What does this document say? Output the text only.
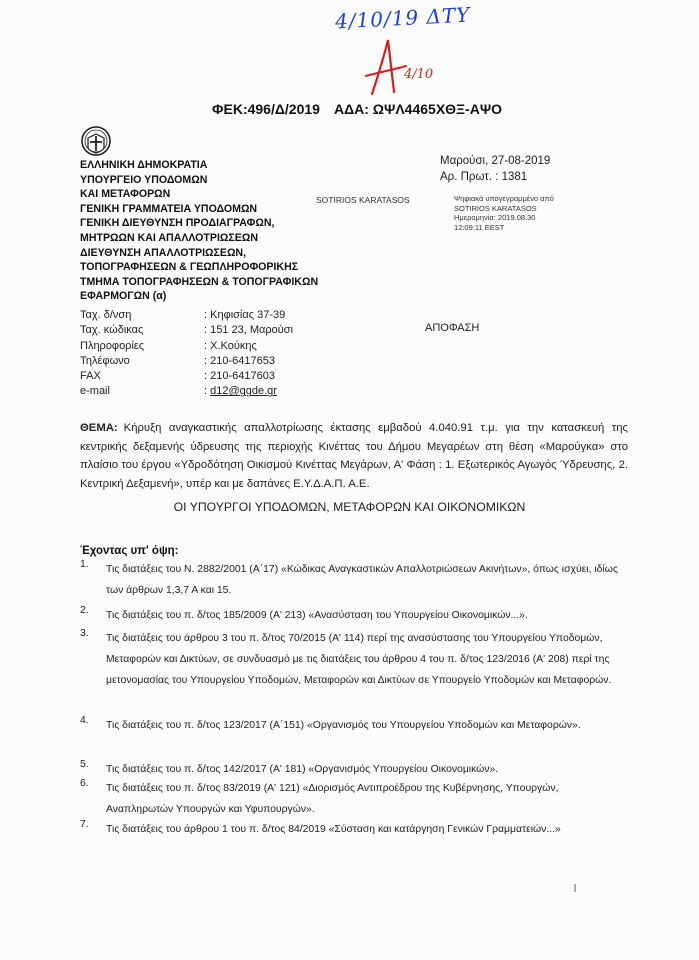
4/10/19 ΔΤΥ
4/10
ΦΕΚ:496/Δ/2019 ΑΔΑ: ΩΨΛ4465ΧΘΞ-ΑΨΟ
ΕΛΛΗΝΙΚΗ ΔΗΜΟΚΡΑΤΙΑ
ΥΠΟΥΡΓΕΙΟ ΥΠΟΔΟΜΩΝ
ΚΑΙ ΜΕΤΑΦΟΡΩΝ
ΓΕΝΙΚΗ ΓΡΑΜΜΑΤΕΙΑ ΥΠΟΔΟΜΩΝ
ΓΕΝΙΚΗ ΔΙΕΥΘΥΝΣΗ ΠΡΟΔΙΑΓΡΑΦΩΝ,
ΜΗΤΡΩΩΝ ΚΑΙ ΑΠΑΛΛΟΤΡΙΩΣΕΩΝ
ΔΙΕΥΘΥΝΣΗ ΑΠΑΛΛΟΤΡΙΩΣΕΩΝ,
ΤΟΠΟΓΡΑΦΗΣΕΩΝ & ΓΕΩΠΛΗΡΟΦΟΡΙΚΗΣ
ΤΜΗΜΑ ΤΟΠΟΓΡΑΦΗΣΕΩΝ & ΤΟΠΟΓΡΑΦΙΚΩΝ
ΕΦΑΡΜΟΓΩΝ (α)
Μαρούσι, 27-08-2019
Αρ. Πρωτ. : 1381
SOTIRIOS KARATASOS	Ψηφιακά υπογεγραμμένο από
SOTIRIOS KARATASOS
Ημερομηνία: 2019.08.30
12:09:11 EEST
Ταχ. δ/νση	: Κηφισίας 37-39
Ταχ. κώδικας	: 151 23, Μαρούσι
Πληροφορίες	: Χ.Κούκης
Τηλέφωνο	: 210-6417653
FAX	: 210-6417603
e-mail	: d12@ggde.gr
ΑΠΟΦΑΣΗ
ΘΕΜΑ: Κήρυξη αναγκαστικής απαλλοτρίωσης έκτασης εμβαδού 4.040.91 τ.μ. για την κατασκευή της κεντρικής δεξαμενής ύδρευσης της περιοχής Κινέττας του Δήμου Μεγαρέων στη θέση «Μαρούγκα» στο πλαίσιο του έργου «Υδροδότηση Οικισμού Κινέττας Μεγάρων, Α' Φάση : 1. Εξωτερικός Αγωγός Ύδρευσης, 2. Κεντρική Δεξαμενή», υπέρ και με δαπάνες Ε.Υ.Δ.Α.Π. Α.Ε.
ΟΙ ΥΠΟΥΡΓΟΙ ΥΠΟΔΟΜΩΝ, ΜΕΤΑΦΟΡΩΝ ΚΑΙ ΟΙΚΟΝΟΜΙΚΩΝ
Έχοντας υπ' όψη:
1.	Τις διατάξεις του Ν. 2882/2001 (Α΄17) «Κώδικας Αναγκαστικών Απαλλοτριώσεων Ακινήτων», όπως ισχύει, ιδίως των άρθρων 1,3,7 Α και 15.
2.	Τις διατάξεις του π. δ/τος 185/2009 (Α' 213) «Ανασύσταση του Υπουργείου Οικονομικών...».
3.	Τις διατάξεις του άρθρου 3 του π. δ/τος 70/2015 (Α' 114) περί της ανασύστασης του Υπουργείου Υποδομών, Μεταφορών και Δικτύων, σε συνδυασμό με τις διατάξεις του άρθρου 4 του π. δ/τος 123/2016 (Α' 208) περί της μετονομασίας του Υπουργείου Υποδομών, Μεταφορών και Δικτύων σε Υπουργείο Υποδομών και Μεταφορών.
4.	Τις διατάξεις του π. δ/τος 123/2017 (Α΄151) «Οργανισμός του Υπουργείου Υποδομών και Μεταφορών».
5.	Τις διατάξεις του π. δ/τος 142/2017 (Α' 181) «Οργανισμός Υπουργείου Οικονομικών».
6.	Τις διατάξεις του π. δ/τος 83/2019 (Α' 121) «Διορισμός Αντιπροέδρου της Κυβέρνησης, Υπουργών, Αναπληρωτών Υπουργών και Υφυπουργών».
7.	Τις διατάξεις του άρθρου 1 του π. δ/τος 84/2019 «Σύσταση και κατάργηση Γενικών Γραμματειών...»
